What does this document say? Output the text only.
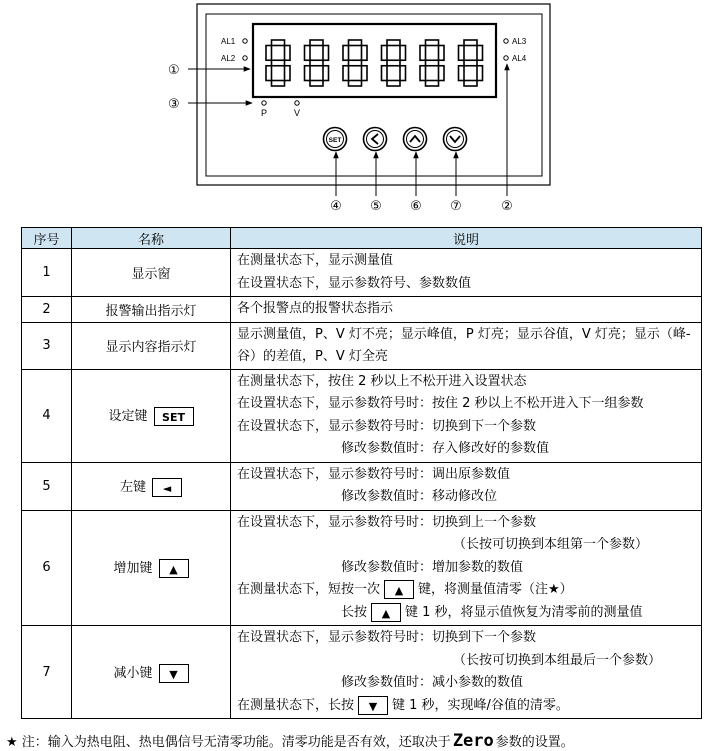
AL1
AL2
AL3
AL4
P	V
SET
①
③
④ ⑤ ⑥ ⑦	②
序号	名称	说明
1	显示窗	在测量状态下，显示测量值
在设置状态下，显示参数符号、参数数值

2	报警输出指示灯	各个报警点的报警状态指示

3	显示内容指示灯	显示测量值，P、V 灯不亮；显示峰值，P 灯亮；显示谷值，V 灯亮；显示（峰-谷）的差值，P、V 灯全亮

4	设定键 SET	在测量状态下，按住 2 秒以上不松开进入设置状态
在设置状态下，显示参数符号时：按住 2 秒以上不松开进入下一组参数
在设置状态下，显示参数符号时：切换到下一个参数
修改参数值时：存入修改好的参数值

5	左键 ◄	在设置状态下，显示参数符号时：调出原参数值
修改参数值时：移动修改位

6	增加键 ▲	在设置状态下，显示参数符号时：切换到上一个参数
（长按可切换到本组第一个参数）
修改参数值时：增加参数的数值
在测量状态下，短按一次 ▲ 键，将测量值清零（注★）
长按 ▲ 键 1 秒，将显示值恢复为清零前的测量值

7	减小键 ▼	在设置状态下，显示参数符号时：切换到下一个参数
（长按可切换到本组最后一个参数）
修改参数值时：减小参数的数值
在测量状态下，长按 ▼ 键 1 秒，实现峰/谷值的清零。
★ 注：输入为热电阻、热电偶信号无清零功能。清零功能是否有效，还取决于 Zero 参数的设置。
